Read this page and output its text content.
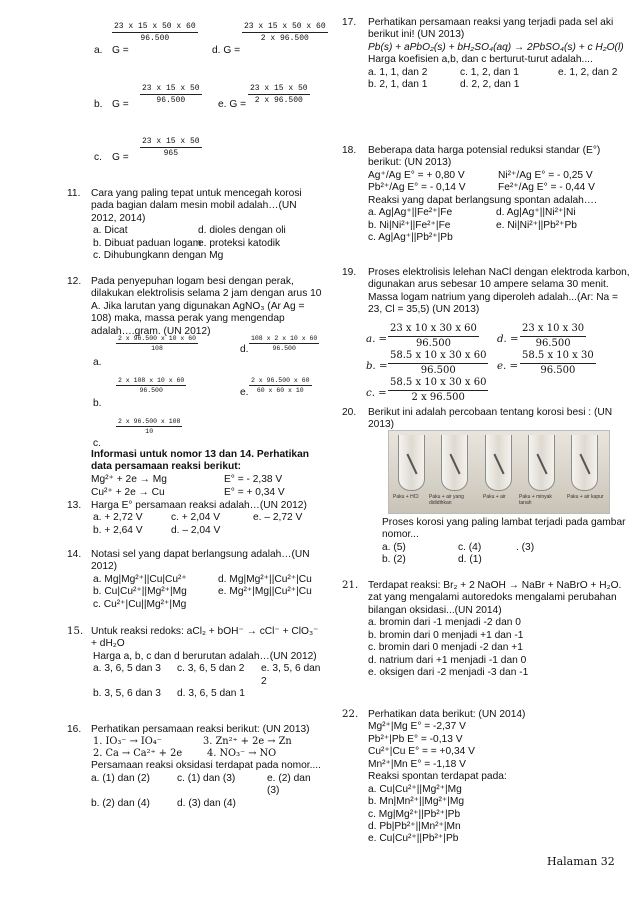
a. G =
$\frac{23 x 15 x 50 x 60}{96.500}$
d. G =
$\frac{23 x 15 x 50 x 60}{2 x 96.500}$
b. $G = \frac{23 x 15 x 50}{96.500} e$. $G = \frac{23 x 15 x 50}{2 x 96.500}$
c. $G = \frac{23 x 15 x 50}{965}$
11. Cara yang paling tepat untuk mencegah korosi pada bagian dalam mesin mobil adalah…(UN 2012, 2014)
a. Dicat	d. dioles dengan oli
b. Dibuat paduan logam
e. proteksi katodik
c. Dihubungkann dengan Mg
12. Pada penyepuhan logam besi dengan perak, dilakukan elektrolisis selama 2 jam dengan arus 10 A. Jika larutan yang digunakan AgNO₃ (Ar Ag = 108) maka, massa perak yang mengendap adalah….gram. (UN 2012)
$\frac{2 x 96.500 x 10 x 60}{108}$
a.
d. $\frac{108 x 2 x 10 x 60}{96.500}$
$\frac{2 x 108 x 10 x 60}{96.500}$
b.
e. $\frac{2 x 96.500 x 60}{60 x 60 x 10}$
$\frac{2 x 96.500 x 108}{10}$
c.
Informasi untuk nomor 13 dan 14. Perhatikan data persamaan reaksi berikut:
Mg²⁺ + 2e → Mg	E° = - 2,38 V
Cu²⁺ + 2e → Cu	E° = + 0,34 V
13. Harga E° persamaan reaksi adalah…(UN 2012)
a. + 2,72 V	c. + 2,04 V	e. – 2,72 V
b. + 2,64 V	d. – 2,04 V
14. Notasi sel yang dapat berlangsung adalah…(UN 2012)
a. Mg|Mg²⁺||Cu|Cu²⁺	d. Mg|Mg²⁺||Cu²⁺|Cu
b. Cu|Cu²⁺||Mg²⁺|Mg	e. Mg²⁺|Mg||Cu²⁺|Cu
c. Cu²⁺|Cu||Mg²⁺|Mg
15. Untuk reaksi redoks: aCl₂ + bOH⁻ → cCl⁻ + ClO₃⁻ + dH₂O
Harga a, b, c dan d berurutan adalah…(UN 2012)
a. 3, 6, 5 dan 3	c. 3, 6, 5 dan 2	e. 3, 5, 6 dan 2
b. 3, 5, 6 dan 3	d. 3, 6, 5 dan 1
16. Perhatikan persamaan reaksi berikut: (UN 2013)
1. IO₃⁻ → IO₄⁻	3. Zn²⁺ + 2e → Zn
2. Ca → Ca²⁺ + 2e	4. NO₃⁻ → NO
Persamaan reaksi oksidasi terdapat pada nomor....
a. (1) dan (2)	c. (1) dan (3)	e. (2) dan (3)
b. (2) dan (4)	d. (3) dan (4)
17. Perhatikan persamaan reaksi yang terjadi pada sel aki berikut ini! (UN 2013)
Pb(s) + aPbO₂(s) + bH₂SO₄(aq) → 2PbSO₄(s) + c H₂O(l)
Harga koefisien a,b, dan c berturut-turut adalah....
a. 1, 1, dan 2	c. 1, 2, dan 1	e. 1, 2, dan 2
b. 2, 1, dan 1	d. 2, 2, dan 1
18. Beberapa data harga potensial reduksi standar (E°) berikut: (UN 2013)
Ag⁺/Ag E° = + 0,80 V	Ni²⁺/Ag E° = - 0,25 V
Pb²⁺/Ag E° = - 0,14 V	Fe²⁺/Ag E° = - 0,44 V
Reaksi yang dapat berlangsung spontan adalah….
a. Ag|Ag⁺||Fe²⁺|Fe	d. Ag|Ag⁺||Ni²⁺|Ni
b. Ni|Ni²⁺||Fe²⁺|Fe	e. Ni|Ni²⁺||Pb²⁺Pb
c. Ag|Ag⁺||Pb²⁺|Pb
19. Proses elektrolisis lelehan NaCl dengan elektroda karbon, digunakan arus sebesar 10 ampere selama 30 menit. Massa logam natrium yang diperoleh adalah...(Ar: Na = 23, Cl = 35,5) (UN 2013)
a. = $\frac{23 x 10 x 30 x 60}{96.500} d$. = $\frac{23 x 10 x 30}{96.500}$
b. = $\frac{58.5 x 10 x 30 x 60}{96.500} e$. = $\frac{58.5 x 10 x 30}{96.500}$
c. = $\frac{58.5 x 10 x 30 x 60}{2 x 96.500}$
20. Berikut ini adalah percobaan tentang korosi besi : (UN 2013)
Proses korosi yang paling lambat terjadi pada gambar nomor...
a. (5)	c. (4)	. (3)
b. (2)	d. (1)
21. Terdapat reaksi: Br₂ + 2 NaOH → NaBr + NaBrO + H₂O. zat yang mengalami autoredoks mengalami perubahan bilangan oksidasi...(UN 2014)
a. bromin dari -1 menjadi -2 dan 0
b. bromin dari 0 menjadi +1 dan -1
c. bromin dari 0 menjadi -2 dan +1
d. natrium dari +1 menjadi -1 dan 0
e. oksigen dari -2 menjadi -3 dan -1
22. Perhatikan data berikut: (UN 2014)
Mg²⁺|Mg E° = -2,37 V
Pb²⁺|Pb E° = -0,13 V
Cu²⁺|Cu E° = = +0,34 V
Mn²⁺|Mn E° = -1,18 V
Reaksi spontan terdapat pada:
a. Cu|Cu²⁺||Mg²⁺|Mg
b. Mn|Mn²⁺||Mg²⁺|Mg
c. Mg|Mg²⁺||Pb²⁺|Pb
d. Pb|Pb²⁺||Mn²⁺|Mn
e. Cu|Cu²⁺||Pb²⁺|Pb
Paku + HCl Paku + air yang dididihkan
Paku + air	Paku + minyak tanah
Paku + air kapur
Halaman 32
